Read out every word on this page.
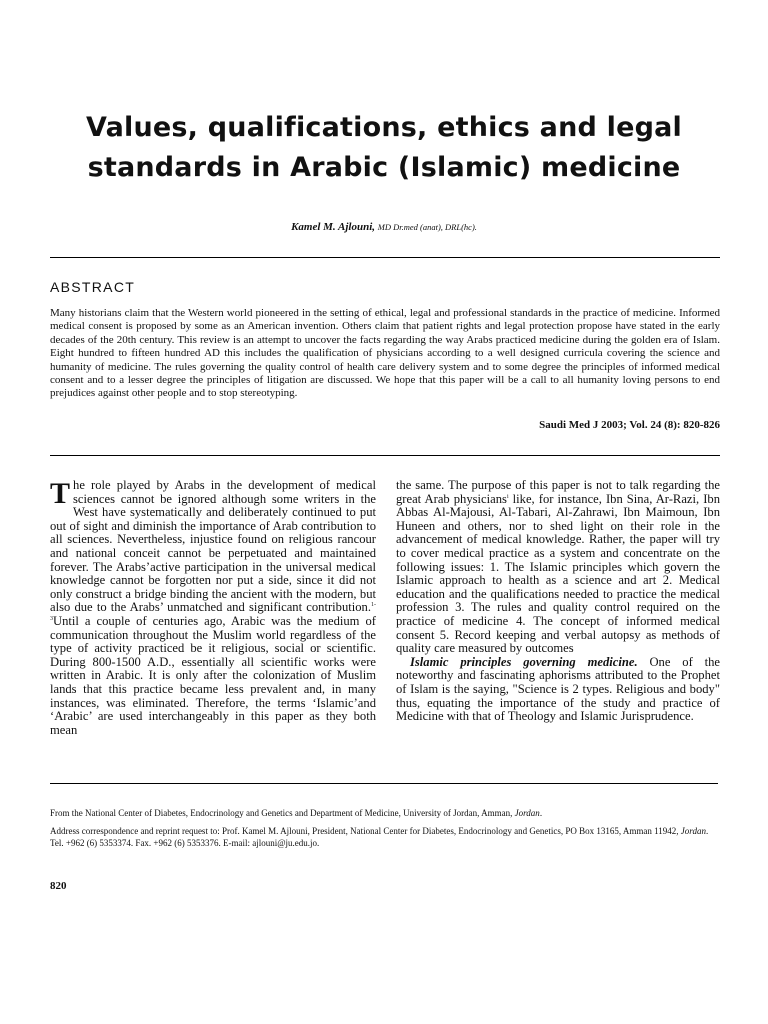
Values, qualifications, ethics and legal
standards in Arabic (Islamic) medicine
Kamel M. Ajlouni, MD Dr.med (anat), DRL(hc).
ABSTRACT

Many historians claim that the Western world pioneered in the setting of ethical, legal and professional standards in the practice of medicine. Informed medical consent is proposed by some as an American invention. Others claim that patient rights and legal protection propose have stated in the early decades of the 20th century. This review is an attempt to uncover the facts regarding the way Arabs practiced medicine during the golden era of Islam. Eight hundred to fifteen hundred AD this includes the qualification of physicians according to a well designed curricula covering the science and humanity of medicine. The rules governing the quality control of health care delivery system and to some degree the principles of informed medical consent and to a lesser degree the principles of litigation are discussed. We hope that this paper will be a call to all humanity loving persons to end prejudices against other people and to stop stereotyping.

Saudi Med J 2003; Vol. 24 (8): 820-826

The role played by Arabs in the development of medical sciences cannot be ignored although some writers in the West have systematically and deliberately continued to put out of sight and diminish the importance of Arab contribution to all sciences. Nevertheless, injustice found on religious rancour and national conceit cannot be perpetuated and maintained forever. The Arabs’active participation in the universal medical knowledge cannot be forgotten nor put a side, since it did not only construct a bridge binding the ancient with the modern, but also due to the Arabs’ unmatched and significant contribution.$^{1-3}$Until a couple of centuries ago, Arabic was the medium of communication throughout the Muslim world regardless of the type of activity practiced be it religious, social or scientific. During 800-1500 A.D., essentially all scientific works were written in Arabic. It is only after the colonization of Muslim lands that this practice became less prevalent and, in many instances, was eliminated. Therefore, the terms ‘Islamic’and ‘Arabic’ are used interchangeably in this paper as they both mean

the same. The purpose of this paper is not to talk regarding the great Arab physicians$^i$ like, for instance, Ibn Sina, Ar-Razi, Ibn Abbas Al-Majousi, Al-Tabari, Al-Zahrawi, Ibn Maimoun, Ibn Huneen and others, nor to shed light on their role in the advancement of medical knowledge. Rather, the paper will try to cover medical practice as a system and concentrate on the following issues: 1. The Islamic principles which govern the Islamic approach to health as a science and art 2. Medical education and the qualifications needed to practice the medical profession 3. The rules and quality control required on the practice of medicine 4. The concept of informed medical consent 5. Record keeping and verbal autopsy as methods of quality care measured by outcomes
Islamic principles governing medicine. One of the noteworthy and fascinating aphorisms attributed to the Prophet of Islam is the saying, "Science is 2 types. Religious and body" thus, equating the importance of the study and practice of Medicine with that of Theology and Islamic Jurisprudence.

From the National Center of Diabetes, Endocrinology and Genetics and Department of Medicine, University of Jordan, Amman, Jordan.

Address correspondence and reprint request to: Prof. Kamel M. Ajlouni, President, National Center for Diabetes, Endocrinology and Genetics, PO Box 13165, Amman 11942, Jordan. Tel. +962 (6) 5353374. Fax. +962 (6) 5353376. E-mail: ajlouni@ju.edu.jo.

820
